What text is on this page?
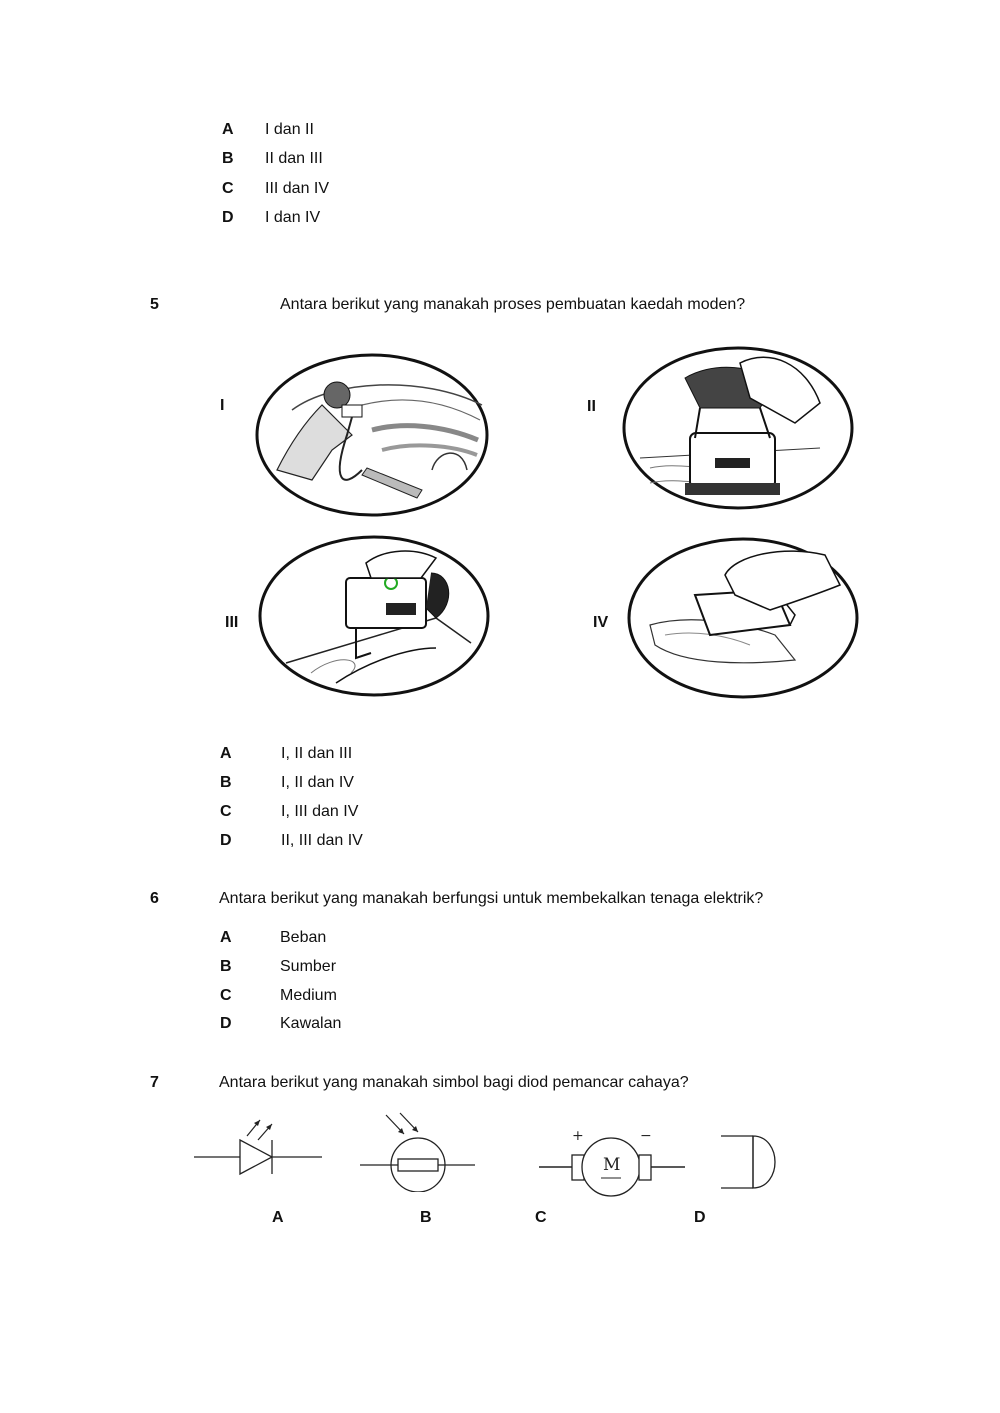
A	I dan II
B	II dan III
C	III dan IV
D	I dan IV
5	Antara berikut yang manakah proses pembuatan kaedah moden?
I	II
III	IV
A	I, II dan III
B	I, II dan IV
C	I, III dan IV
D	II, III dan IV
6	Antara berikut yang manakah berfungsi untuk membekalkan tenaga elektrik?
A	Beban
B	Sumber
C	Medium
D	Kawalan
7	Antara berikut yang manakah simbol bagi diod pemancar cahaya?
M
+	−
A	B	C	D
